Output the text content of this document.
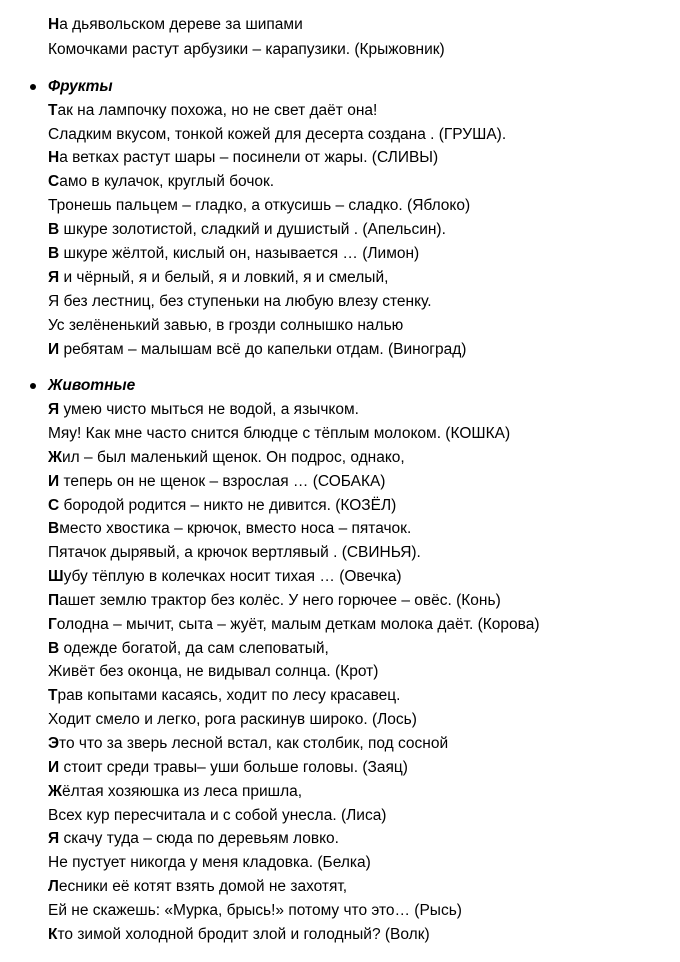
На дьявольском дереве за шипами
Комочками растут арбузики – карапузики. (Крыжовник)
Фрукты
Так на лампочку похожа, но не свет даёт она!
Сладким вкусом, тонкой кожей для десерта создана . (ГРУША).
На ветках растут шары – посинели от жары. (СЛИВЫ)
Само в кулачок, круглый бочок.
Тронешь пальцем – гладко, а откусишь – сладко. (Яблоко)
В шкуре золотистой, сладкий и душистый . (Апельсин).
В шкуре жёлтой, кислый он, называется … (Лимон)
Я и чёрный, я и белый, я и ловкий, я и смелый,
Я без лестниц, без ступеньки на любую влезу стенку.
Ус зелёненький завью, в грозди солнышко налью
И ребятам – малышам всё до капельки отдам. (Виноград)
Животные
Я умею чисто мыться не водой, а язычком.
Мяу! Как мне часто снится блюдце с тёплым молоком. (КОШКА)
Жил – был маленький щенок. Он подрос, однако,
И теперь он не щенок – взрослая … (СОБАКА)
С бородой родится – никто не дивится. (КОЗЁЛ)
Вместо хвостика – крючок, вместо носа – пятачок.
Пятачок дырявый, а крючок вертлявый . (СВИНЬЯ).
Шубу тёплую в колечках носит тихая … (Овечка)
Пашет землю трактор без колёс. У него горючее – овёс. (Конь)
Голодна – мычит, сыта – жуёт, малым деткам молока даёт. (Корова)
В одежде богатой, да сам слеповатый,
Живёт без оконца, не видывал солнца. (Крот)
Трав копытами касаясь, ходит по лесу красавец.
Ходит смело и легко, рога раскинув широко. (Лось)
Это что за зверь лесной встал, как столбик, под сосной
И стоит среди травы– уши больше головы. (Заяц)
Жёлтая хозяюшка из леса пришла,
Всех кур пересчитала и с собой унесла. (Лиса)
Я скачу туда – сюда по деревьям ловко.
Не пустует никогда у меня кладовка. (Белка)
Лесники её котят взять домой не захотят,
Ей не скажешь: «Мурка, брысь!» потому что это… (Рысь)
Кто зимой холодной бродит злой и голодный? (Волк)
